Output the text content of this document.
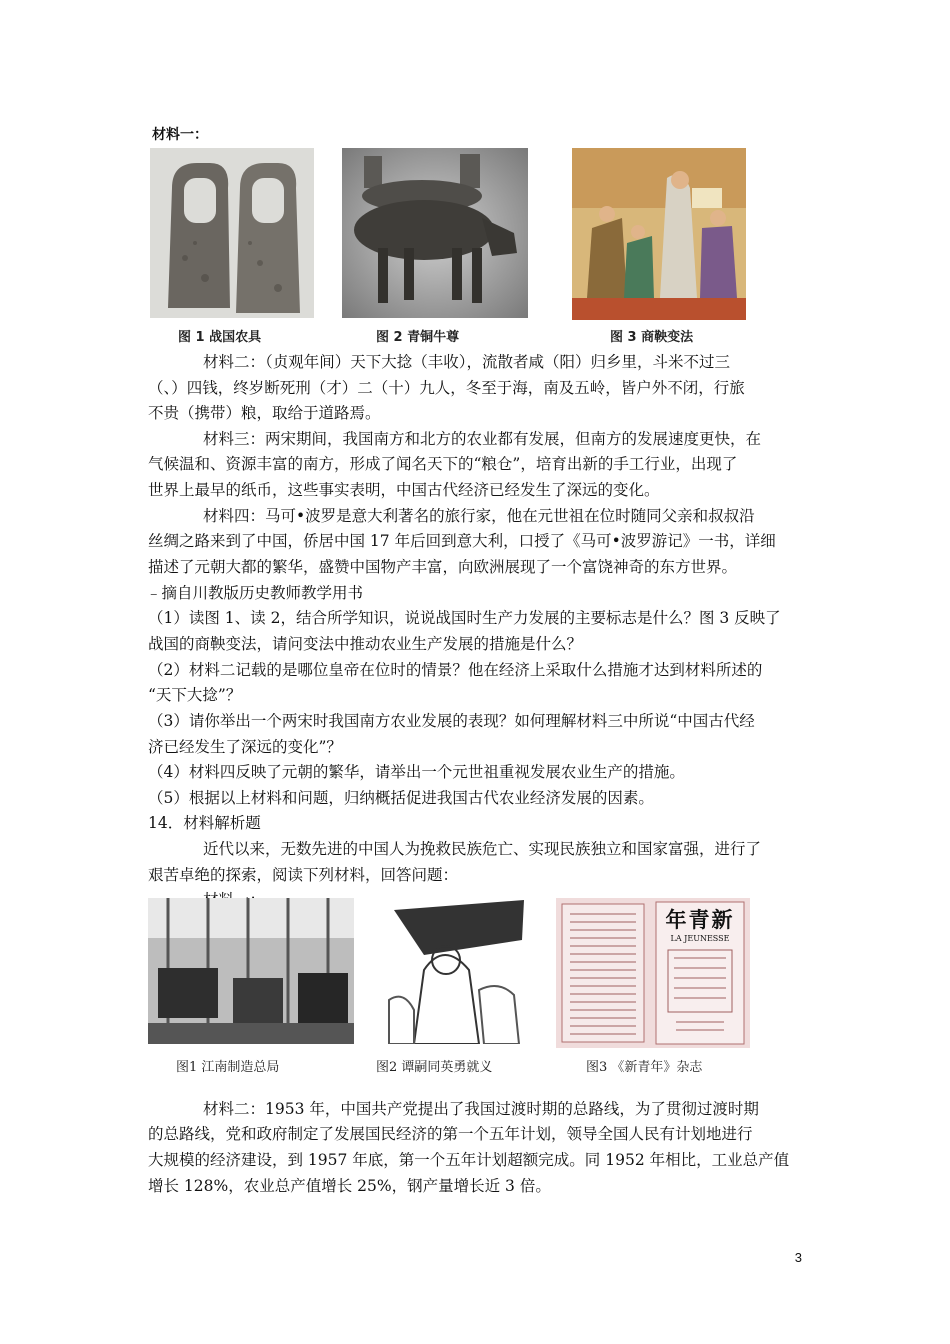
材料一：
图 1 战国农具	图 2 青铜牛尊	图 3 商鞅变法
材料二：（贞观年间）天下大捻（丰收），流散者咸（阳）归乡里，斗米不过三
（、）四钱，终岁断死刑（才）二（十）九人，冬至于海，南及五岭，皆户外不闭，行旅
不贵（携带）粮，取给于道路焉。
材料三：两宋期间，我国南方和北方的农业都有发展，但南方的发展速度更快，在
气候温和、资源丰富的南方，形成了闻名天下的“粮仓”，培育出新的手工行业，出现了
世界上最早的纸币，这些事实表明，中国古代经济已经发生了深远的变化。
材料四：马可•波罗是意大利著名的旅行家，他在元世祖在位时随同父亲和叔叔沿
丝绸之路来到了中国，侨居中国 17 年后回到意大利，口授了《马可•波罗游记》一书，详细
描述了元朝大都的繁华，盛赞中国物产丰富，向欧洲展现了一个富饶神奇的东方世界。
﹣摘自川教版历史教师教学用书
（1）读图 1、读 2，结合所学知识，说说战国时生产力发展的主要标志是什么？图 3 反映了
战国的商鞅变法，请问变法中推动农业生产发展的措施是什么？
（2）材料二记载的是哪位皇帝在位时的情景？他在经济上采取什么措施才达到材料所述的
“天下大捻”？
（3）请你举出一个两宋时我国南方农业发展的表现？如何理解材料三中所说“中国古代经
济已经发生了深远的变化”？
（4）材料四反映了元朝的繁华，请举出一个元世祖重视发展农业生产的措施。
（5）根据以上材料和问题，归纳概括促进我国古代农业经济发展的因素。
14．材料解析题
近代以来，无数先进的中国人为挽救民族危亡、实现民族独立和国家富强，进行了
艰苦卓绝的探索，阅读下列材料，回答问题：
图1 江南制造总局	图2 谭嗣同英勇就义
年青新
LA JEUNESSE
图3 《新青年》杂志
材料二：1953 年，中国共产党提出了我国过渡时期的总路线，为了贯彻过渡时期
的总路线，党和政府制定了发展国民经济的第一个五年计划，领导全国人民有计划地进行
大规模的经济建设，到 1957 年底，第一个五年计划超额完成。同 1952 年相比，工业总产值
增长 128%，农业总产值增长 25%，钢产量增长近 3 倍。
3
